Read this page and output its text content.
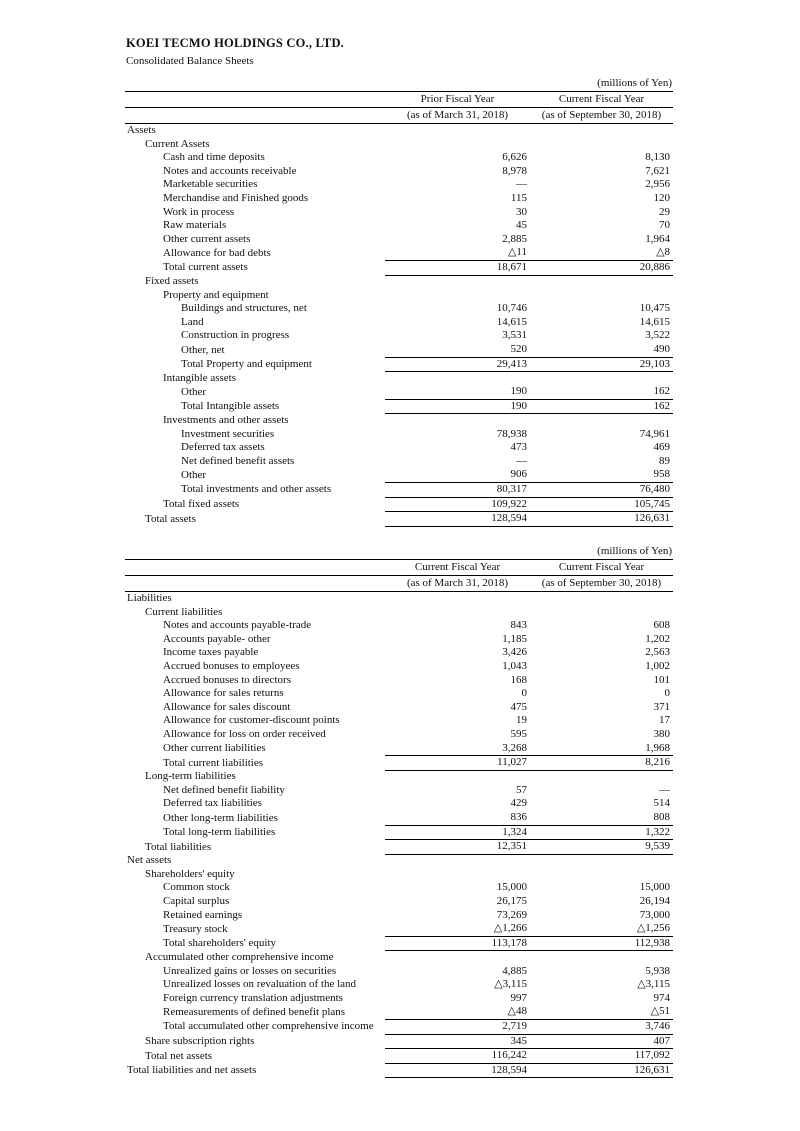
KOEI TECMO HOLDINGS CO., LTD.
Consolidated Balance Sheets
(millions of Yen)		
	Prior Fiscal Year	Current Fiscal Year
	(as of March 31, 2018)	(as of September 30, 2018)
Assets		
Current Assets		
Cash and time deposits	6,626	8,130
Notes and accounts receivable	8,978	7,621
Marketable securities	—	2,956
Merchandise and Finished goods	115	120
Work in process	30	29
Raw materials	45	70
Other current assets	2,885	1,964
Allowance for bad debts	△11	△8
Total current assets	18,671	20,886
Fixed assets		
Property and equipment		
Buildings and structures, net	10,746	10,475
Land	14,615	14,615
Construction in progress	3,531	3,522
Other, net	520	490
Total Property and equipment	29,413	29,103
Intangible assets		
Other	190	162
Total Intangible assets	190	162
Investments and other assets		
Investment securities	78,938	74,961
Deferred tax assets	473	469
Net defined benefit assets	—	89
Other	906	958
Total investments and other assets	80,317	76,480
Total fixed assets	109,922	105,745
Total assets	128,594	126,631
(millions of Yen)		
	Current Fiscal Year	Current Fiscal Year
	(as of March 31, 2018)	(as of September 30, 2018)
Liabilities		
Current liabilities		
Notes and accounts payable-trade	843	608
Accounts payable- other	1,185	1,202
Income taxes payable	3,426	2,563
Accrued bonuses to employees	1,043	1,002
Accrued bonuses to directors	168	101
Allowance for sales returns	0	0
Allowance for sales discount	475	371
Allowance for customer-discount points	19	17
Allowance for loss on order received	595	380
Other current liabilities	3,268	1,968
Total current liabilities	11,027	8,216
Long-term liabilities		
Net defined benefit liability	57	—
Deferred tax liabilities	429	514
Other long-term liabilities	836	808
Total long-term liabilities	1,324	1,322
Total liabilities	12,351	9,539
Net assets		
Shareholders' equity		
Common stock	15,000	15,000
Capital surplus	26,175	26,194
Retained earnings	73,269	73,000
Treasury stock	△1,266	△1,256
Total shareholders' equity	113,178	112,938
Accumulated other comprehensive income		
Unrealized gains or losses on securities	4,885	5,938
Unrealized losses on revaluation of the land	△3,115	△3,115
Foreign currency translation adjustments	997	974
Remeasurements of defined benefit plans	△48	△51
Total accumulated other comprehensive income	2,719	3,746
Share subscription rights	345	407
Total net assets	116,242	117,092
Total liabilities and net assets	128,594	126,631
